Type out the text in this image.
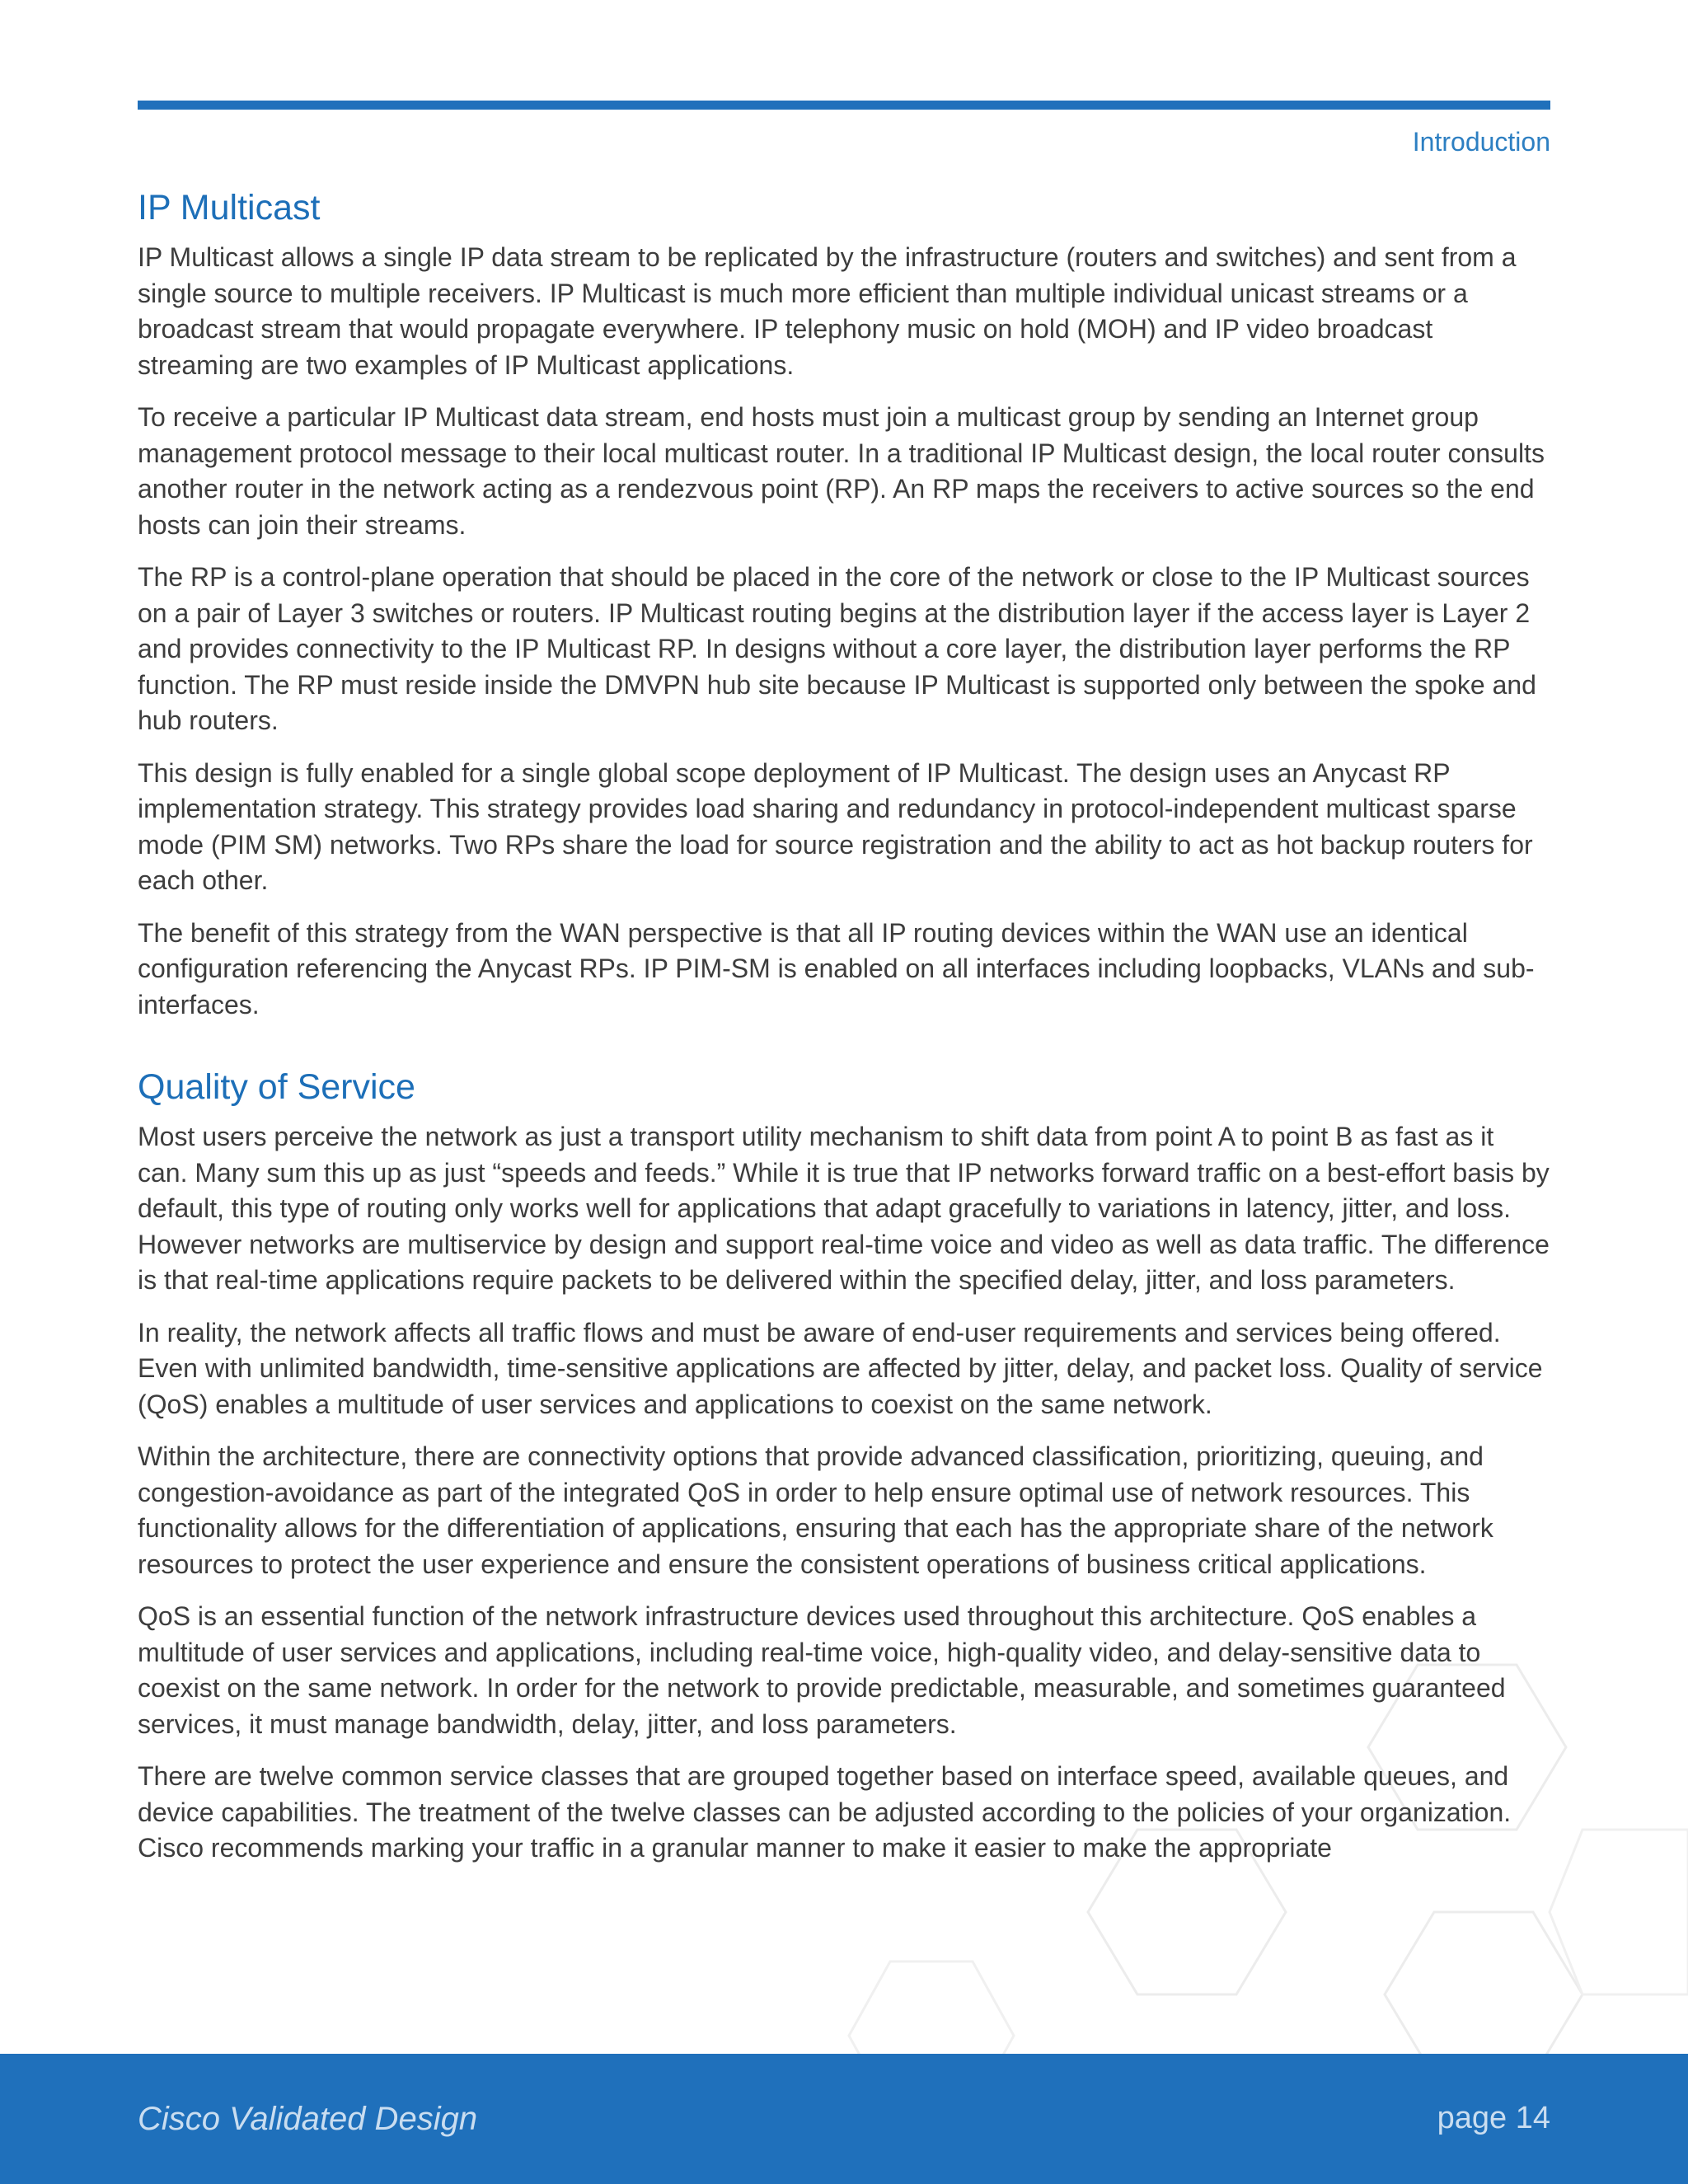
Introduction
IP Multicast

IP Multicast allows a single IP data stream to be replicated by the infrastructure (routers and switches) and sent from a single source to multiple receivers. IP Multicast is much more efficient than multiple individual unicast streams or a broadcast stream that would propagate everywhere. IP telephony music on hold (MOH) and IP video broadcast streaming are two examples of IP Multicast applications.

To receive a particular IP Multicast data stream, end hosts must join a multicast group by sending an Internet group management protocol message to their local multicast router. In a traditional IP Multicast design, the local router consults another router in the network acting as a rendezvous point (RP). An RP maps the receivers to active sources so the end hosts can join their streams.

The RP is a control-plane operation that should be placed in the core of the network or close to the IP Multicast sources on a pair of Layer 3 switches or routers. IP Multicast routing begins at the distribution layer if the access layer is Layer 2 and provides connectivity to the IP Multicast RP. In designs without a core layer, the distribution layer performs the RP function. The RP must reside inside the DMVPN hub site because IP Multicast is supported only between the spoke and hub routers.

This design is fully enabled for a single global scope deployment of IP Multicast. The design uses an Anycast RP implementation strategy. This strategy provides load sharing and redundancy in protocol-independent multicast sparse mode (PIM SM) networks. Two RPs share the load for source registration and the ability to act as hot backup routers for each other.

The benefit of this strategy from the WAN perspective is that all IP routing devices within the WAN use an identical configuration referencing the Anycast RPs. IP PIM-SM is enabled on all interfaces including loopbacks, VLANs and sub-interfaces.

Quality of Service

Most users perceive the network as just a transport utility mechanism to shift data from point A to point B as fast as it can. Many sum this up as just “speeds and feeds.” While it is true that IP networks forward traffic on a best-effort basis by default, this type of routing only works well for applications that adapt gracefully to variations in latency, jitter, and loss. However networks are multiservice by design and support real-time voice and video as well as data traffic. The difference is that real-time applications require packets to be delivered within the specified delay, jitter, and loss parameters.

In reality, the network affects all traffic flows and must be aware of end-user requirements and services being offered. Even with unlimited bandwidth, time-sensitive applications are affected by jitter, delay, and packet loss. Quality of service (QoS) enables a multitude of user services and applications to coexist on the same network.

Within the architecture, there are connectivity options that provide advanced classification, prioritizing, queuing, and congestion-avoidance as part of the integrated QoS in order to help ensure optimal use of network resources. This functionality allows for the differentiation of applications, ensuring that each has the appropriate share of the network resources to protect the user experience and ensure the consistent operations of business critical applications.

QoS is an essential function of the network infrastructure devices used throughout this architecture. QoS enables a multitude of user services and applications, including real-time voice, high-quality video, and delay-sensitive data to coexist on the same network. In order for the network to provide predictable, measurable, and sometimes guaranteed services, it must manage bandwidth, delay, jitter, and loss parameters.

There are twelve common service classes that are grouped together based on interface speed, available queues, and device capabilities. The treatment of the twelve classes can be adjusted according to the policies of your organization. Cisco recommends marking your traffic in a granular manner to make it easier to make the appropriate

Cisco Validated Design	page 14
